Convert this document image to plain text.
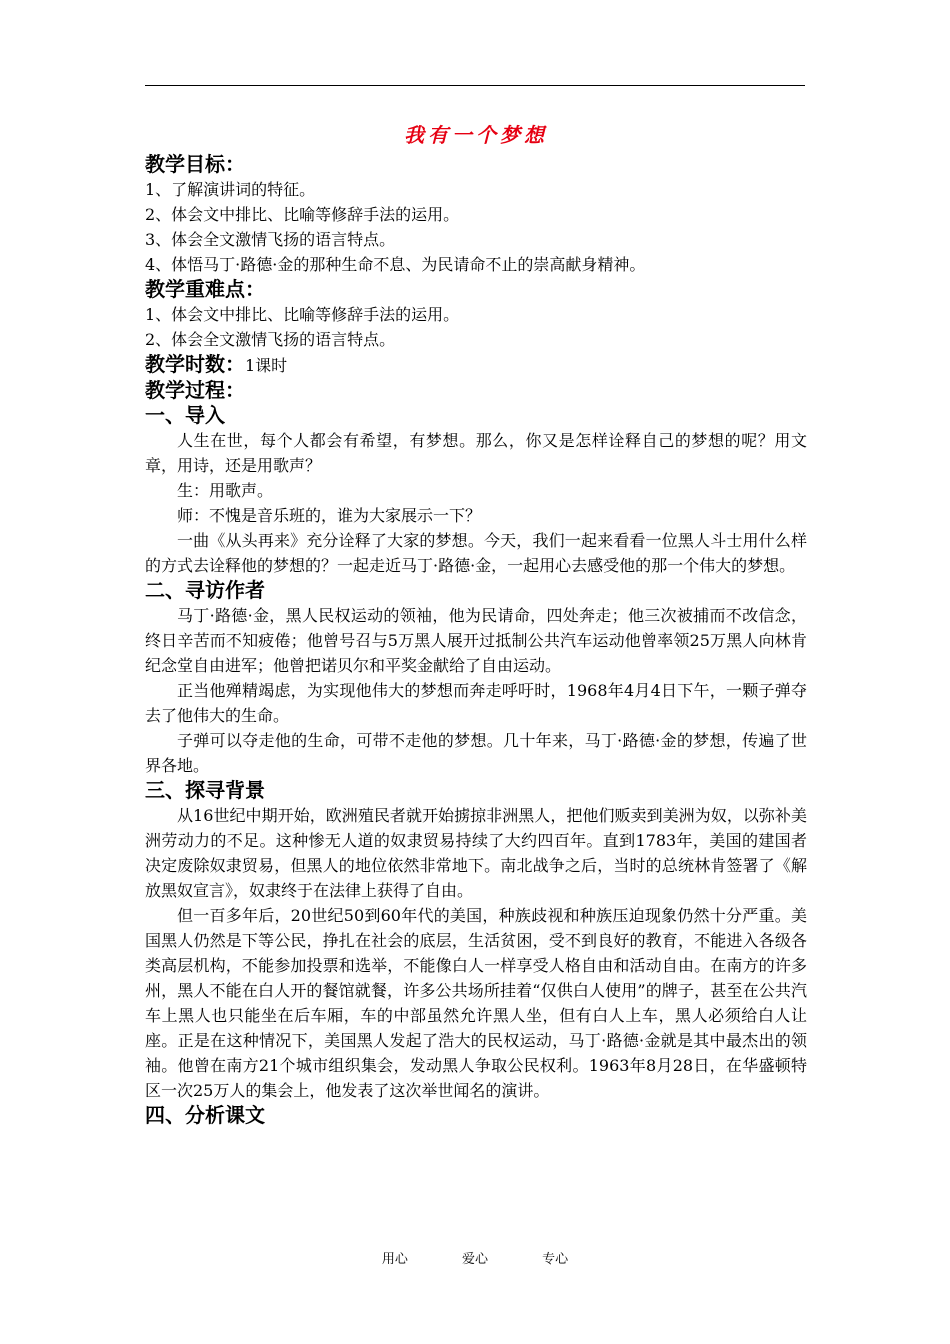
我有一个梦想
教学目标：
1、了解演讲词的特征。
2、体会文中排比、比喻等修辞手法的运用。
3、体会全文激情飞扬的语言特点。
4、体悟马丁·路德·金的那种生命不息、为民请命不止的崇高献身精神。
教学重难点：
1、体会文中排比、比喻等修辞手法的运用。
2、体会全文激情飞扬的语言特点。
教学时数：1课时
教学过程：
一、导入
人生在世，每个人都会有希望，有梦想。那么，你又是怎样诠释自己的梦想的呢？用文章，用诗，还是用歌声？
生：用歌声。
师：不愧是音乐班的，谁为大家展示一下？
一曲《从头再来》充分诠释了大家的梦想。今天，我们一起来看看一位黑人斗士用什么样的方式去诠释他的梦想的？一起走近马丁·路德·金，一起用心去感受他的那一个伟大的梦想。
二、寻访作者
马丁·路德·金，黑人民权运动的领袖，他为民请命，四处奔走；他三次被捕而不改信念，终日辛苦而不知疲倦；他曾号召与5万黑人展开过抵制公共汽车运动他曾率领25万黑人向林肯纪念堂自由进军；他曾把诺贝尔和平奖金献给了自由运动。
正当他殚精竭虑，为实现他伟大的梦想而奔走呼吁时，1968年4月4日下午，一颗子弹夺去了他伟大的生命。
子弹可以夺走他的生命，可带不走他的梦想。几十年来，马丁·路德·金的梦想，传遍了世界各地。
三、探寻背景
从16世纪中期开始，欧洲殖民者就开始掳掠非洲黑人，把他们贩卖到美洲为奴，以弥补美洲劳动力的不足。这种惨无人道的奴隶贸易持续了大约四百年。直到1783年，美国的建国者决定废除奴隶贸易，但黑人的地位依然非常地下。南北战争之后，当时的总统林肯签署了《解放黑奴宣言》，奴隶终于在法律上获得了自由。
但一百多年后，20世纪50到60年代的美国，种族歧视和种族压迫现象仍然十分严重。美国黑人仍然是下等公民，挣扎在社会的底层，生活贫困，受不到良好的教育，不能进入各级各类高层机构，不能参加投票和选举，不能像白人一样享受人格自由和活动自由。在南方的许多州，黑人不能在白人开的餐馆就餐，许多公共场所挂着“仅供白人使用”的牌子，甚至在公共汽车上黑人也只能坐在后车厢，车的中部虽然允许黑人坐，但有白人上车，黑人必须给白人让座。正是在这种情况下，美国黑人发起了浩大的民权运动，马丁·路德·金就是其中最杰出的领袖。他曾在南方21个城市组织集会，发动黑人争取公民权利。1963年8月28日，在华盛顿特区一次25万人的集会上，他发表了这次举世闻名的演讲。
四、分析课文
用心	爱心	专心
